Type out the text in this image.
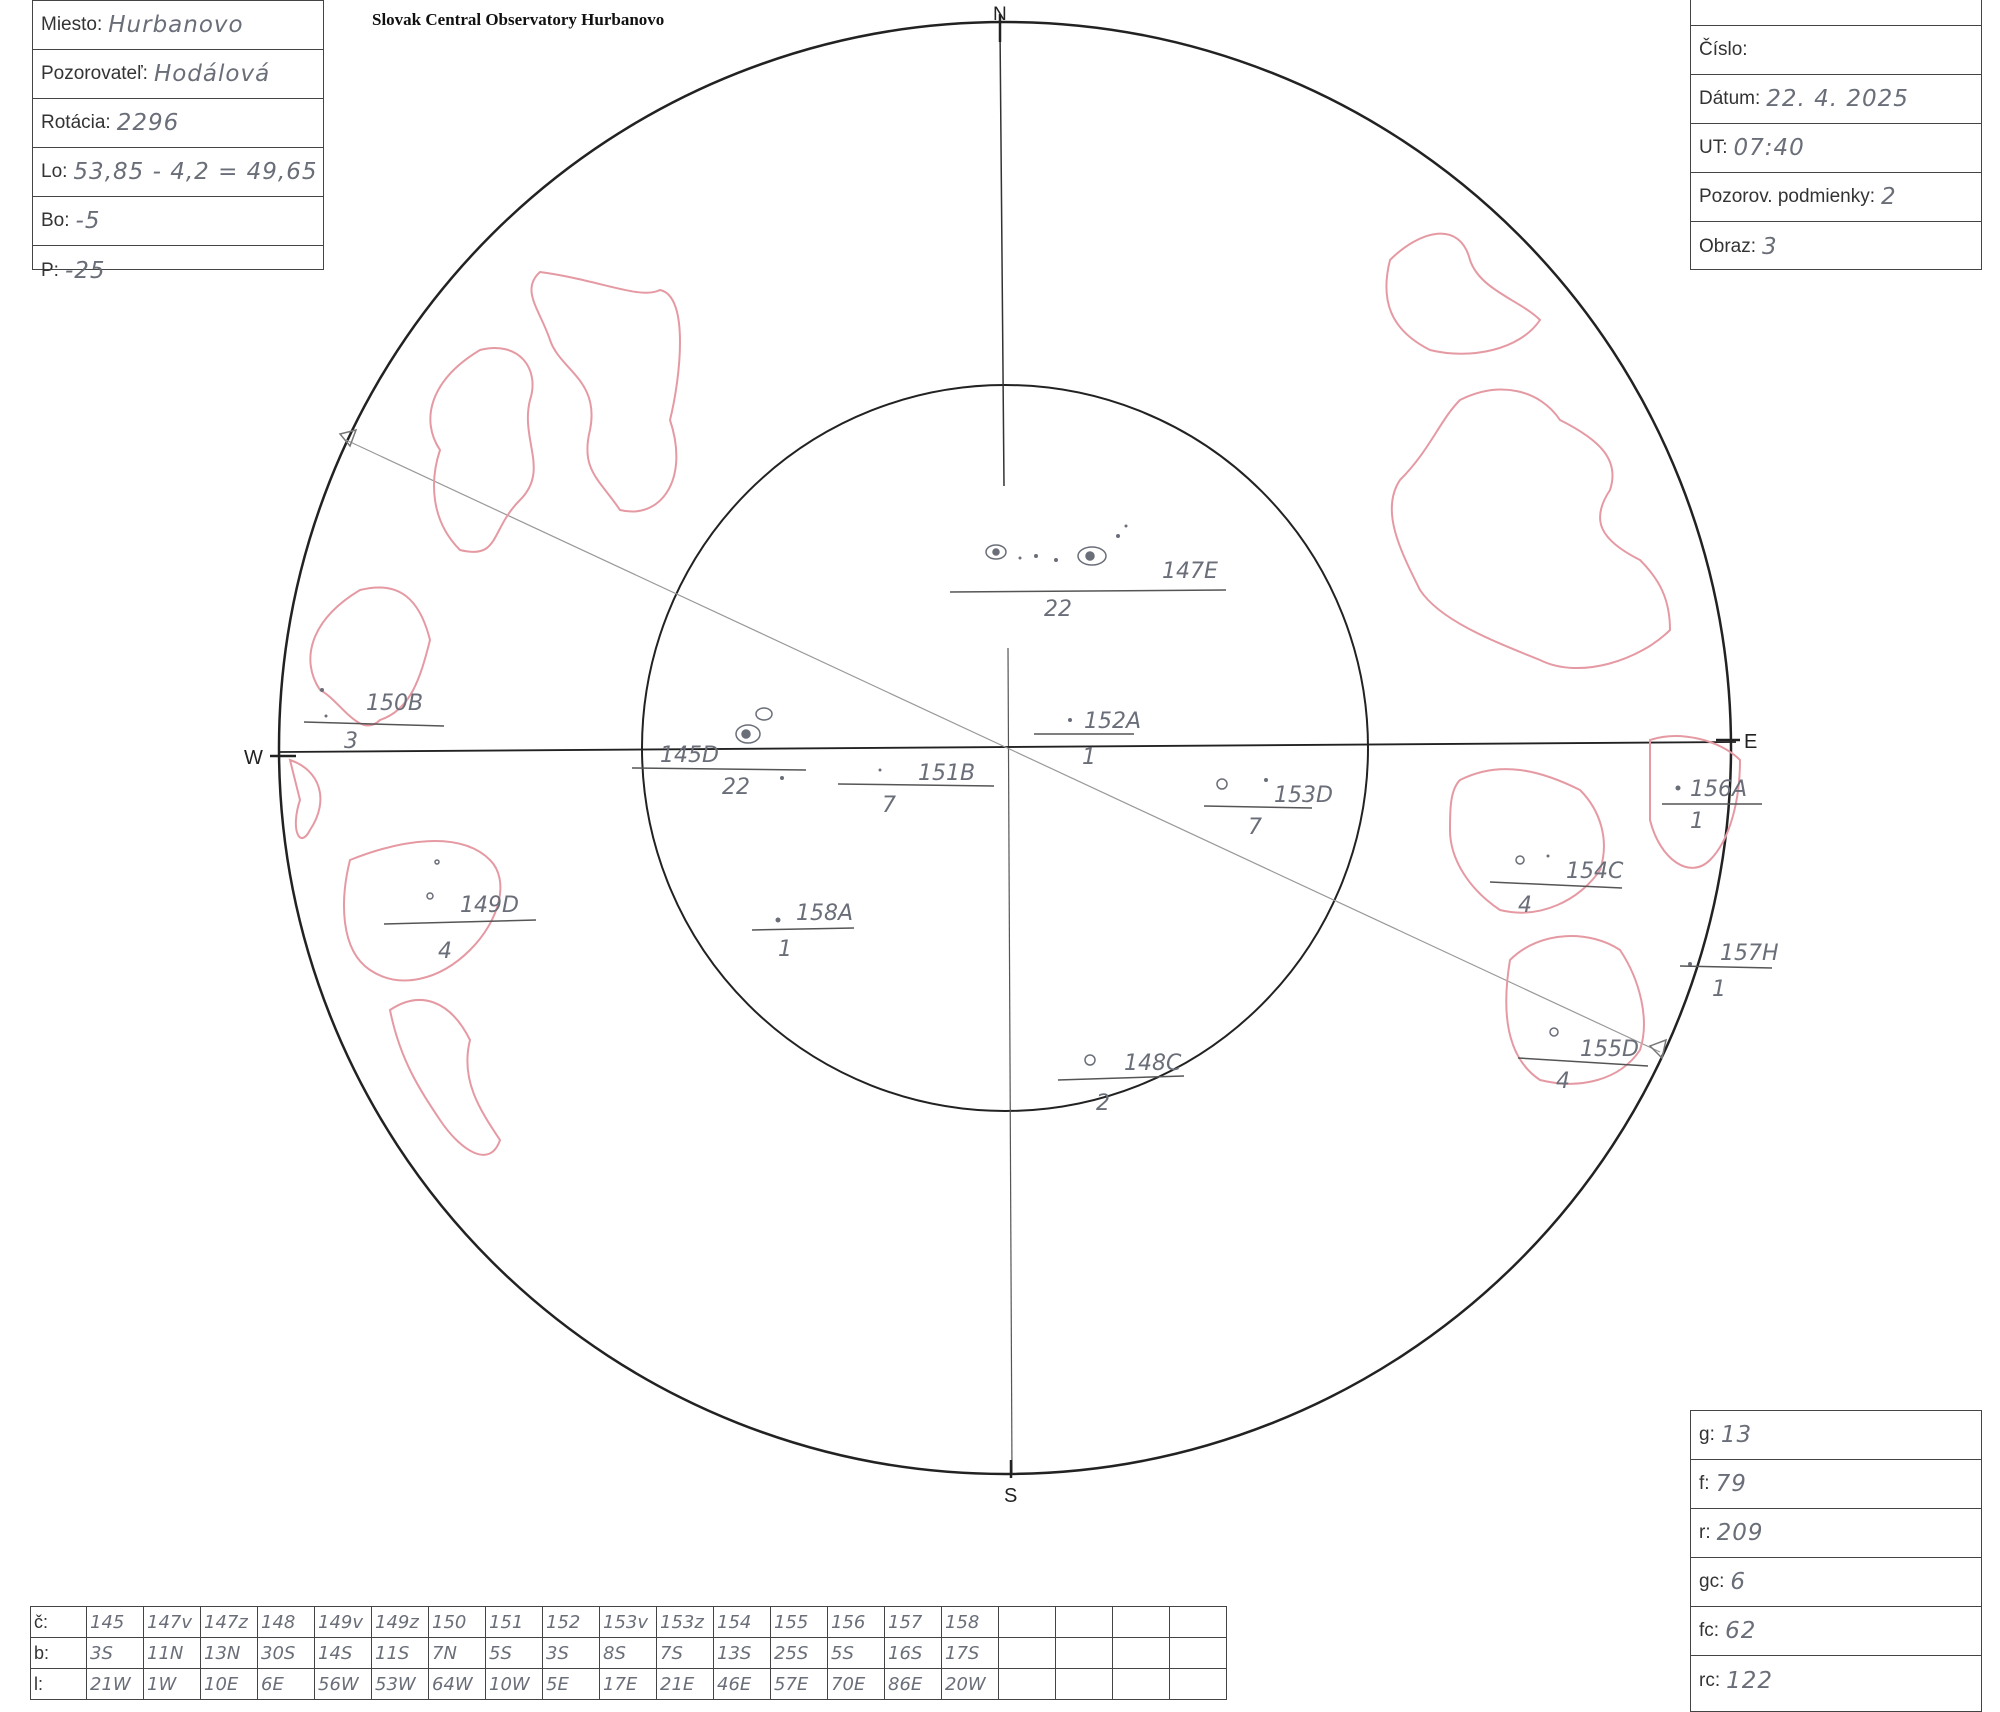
Slovak Central Observatory Hurbanovo
Miesto: Hurbanovo
Pozorovateľ: Hodálová
Rotácia: 2296
Lo: 53,85 - 4,2 = 49,65
Bo: -5
P: -25
Číslo:
Dátum: 22. 4. 2025
UT: 07:40
Pozorov. podmienky: 2
Obraz: 3
g: 13
f: 79
r: 209
gc: 6
fc: 62
rc: 122
N
S
E
W
147E
22
150B
3
145D
22
151B
7
152A
1
153D
7
156A
1
154C
4
149D
4
158A
1	157H
1
155D
4
148C
2
č:	145	147v	147z	148	149v	149z	150	151	152	153v	153z	154	155	156	157	158				
b:	3S	11N	13N	30S	14S	11S	7N	5S	3S	8S	7S	13S	25S	5S	16S	17S				
l:	21W	1W	10E	6E	56W	53W	64W	10W	5E	17E	21E	46E	57E	70E	86E	20W				
